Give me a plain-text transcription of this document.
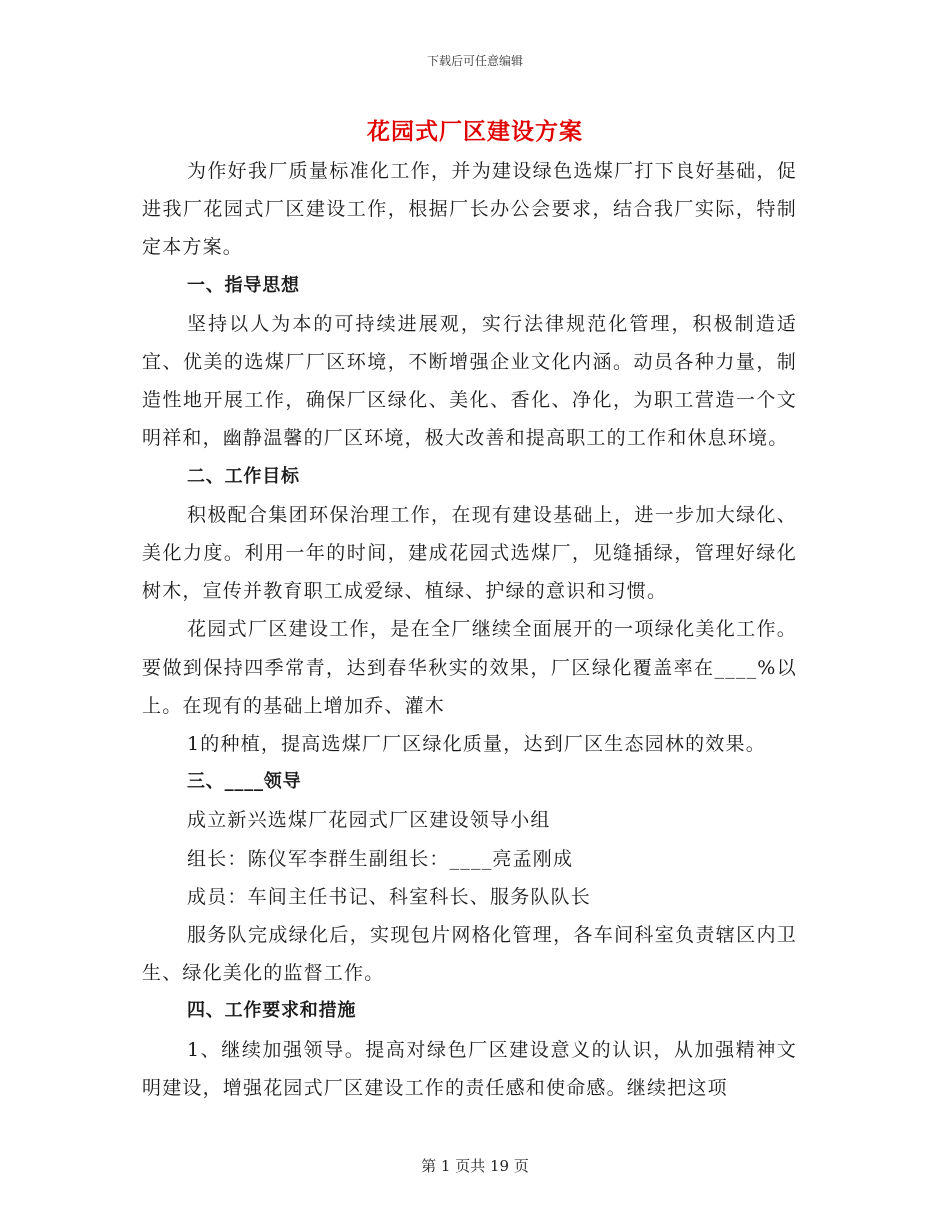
下载后可任意编辑
花园式厂区建设方案

为作好我厂质量标准化工作，并为建设绿色选煤厂打下良好基础，促进我厂花园式厂区建设工作，根据厂长办公会要求，结合我厂实际，特制定本方案。

一、指导思想

坚持以人为本的可持续进展观，实行法律规范化管理，积极制造适宜、优美的选煤厂厂区环境，不断增强企业文化内涵。动员各种力量，制造性地开展工作，确保厂区绿化、美化、香化、净化，为职工营造一个文明祥和，幽静温馨的厂区环境，极大改善和提高职工的工作和休息环境。

二、工作目标

积极配合集团环保治理工作，在现有建设基础上，进一步加大绿化、美化力度。利用一年的时间，建成花园式选煤厂，见缝插绿，管理好绿化树木，宣传并教育职工成爱绿、植绿、护绿的意识和习惯。

花园式厂区建设工作，是在全厂继续全面展开的一项绿化美化工作。要做到保持四季常青，达到春华秋实的效果，厂区绿化覆盖率在____%以上。在现有的基础上增加乔、灌木

1的种植，提高选煤厂厂区绿化质量，达到厂区生态园林的效果。

三、____领导

成立新兴选煤厂花园式厂区建设领导小组

组长：陈仪军李群生副组长：____亮孟刚成

成员：车间主任书记、科室科长、服务队队长

服务队完成绿化后，实现包片网格化管理，各车间科室负责辖区内卫生、绿化美化的监督工作。

四、工作要求和措施

1、继续加强领导。提高对绿色厂区建设意义的认识，从加强精神文明建设，增强花园式厂区建设工作的责任感和使命感。继续把这项

第 1 页共 19 页
